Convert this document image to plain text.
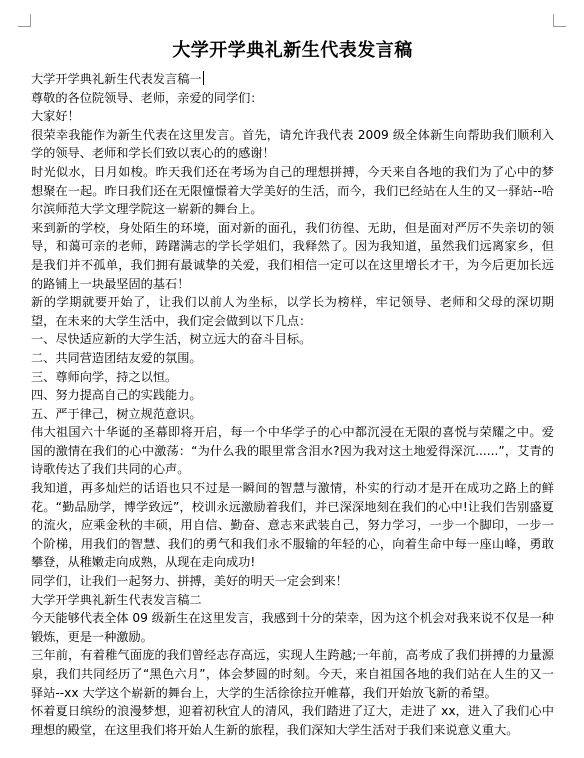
大学开学典礼新生代表发言稿

大学开学典礼新生代表发言稿一

尊敬的各位院领导、老师，亲爱的同学们：

大家好！

很荣幸我能作为新生代表在这里发言。首先，请允许我代表 2009 级全体新生向帮助我们顺利入学的领导、老师和学长们致以衷心的的感谢！

时光似水，日月如梭。昨天我们还在考场为自己的理想拼搏，今天来自各地的我们为了心中的梦想聚在一起。昨日我们还在无限憧憬着大学美好的生活，而今，我们已经站在人生的又一驿站--哈尔滨师范大学文理学院这一崭新的舞台上。

来到新的学校，身处陌生的环境，面对新的面孔，我们彷徨、无助，但是面对严厉不失亲切的领导，和蔼可亲的老师，踌躇满志的学长学姐们，我释然了。因为我知道，虽然我们远离家乡，但是我们并不孤单，我们拥有最诚挚的关爱，我们相信一定可以在这里增长才干，为今后更加长远的路铺上一块最坚固的基石！

新的学期就要开始了，让我们以前人为坐标，以学长为榜样，牢记领导、老师和父母的深切期望，在未来的大学生活中，我们定会做到以下几点：

一、尽快适应新的大学生活，树立远大的奋斗目标。

二、共同营造团结友爱的氛围。

三、尊师向学，持之以恒。

四、努力提高自己的实践能力。

五、严于律己，树立规范意识。

伟大祖国六十华诞的圣幕即将开启，每一个中华学子的心中都沉浸在无限的喜悦与荣耀之中。爱国的激情在我们的心中激荡：“为什么我的眼里常含泪水?因为我对这土地爱得深沉......”，艾青的诗歌传达了我们共同的心声。

我知道，再多灿烂的话语也只不过是一瞬间的智慧与激情，朴实的行动才是开在成功之路上的鲜花。“勤品励学，博学致远”，校训永远激励着我们，并已深深地刻在我们的心中!让我们告别盛夏的流火，应乘金秋的丰硕，用自信、勤奋、意志来武装自己，努力学习，一步一个脚印，一步一个阶梯，用我们的智慧、我们的勇气和我们永不服输的年轻的心，向着生命中每一座山峰，勇敢攀登，从稚嫩走向成熟，从现在走向成功!

同学们，让我们一起努力、拼搏，美好的明天一定会到来！

大学开学典礼新生代表发言稿二

今天能够代表全体 09 级新生在这里发言，我感到十分的荣幸，因为这个机会对我来说不仅是一种锻炼，更是一种激励。

三年前，有着稚气面庞的我们曾经志存高远，实现人生跨越;一年前，高考成了我们拼搏的力量源泉，我们共同经历了“黑色六月”，体会梦圆的时刻。今天，来自祖国各地的我们站在人生的又一驿站--xx 大学这个崭新的舞台上，大学的生活徐徐拉开帷幕，我们开始放飞新的希望。

怀着夏日缤纷的浪漫梦想，迎着初秋宜人的清风，我们踏进了辽大，走进了 xx，进入了我们心中理想的殿堂，在这里我们将开始人生新的旅程，我们深知大学生活对于我们来说意义重大。
